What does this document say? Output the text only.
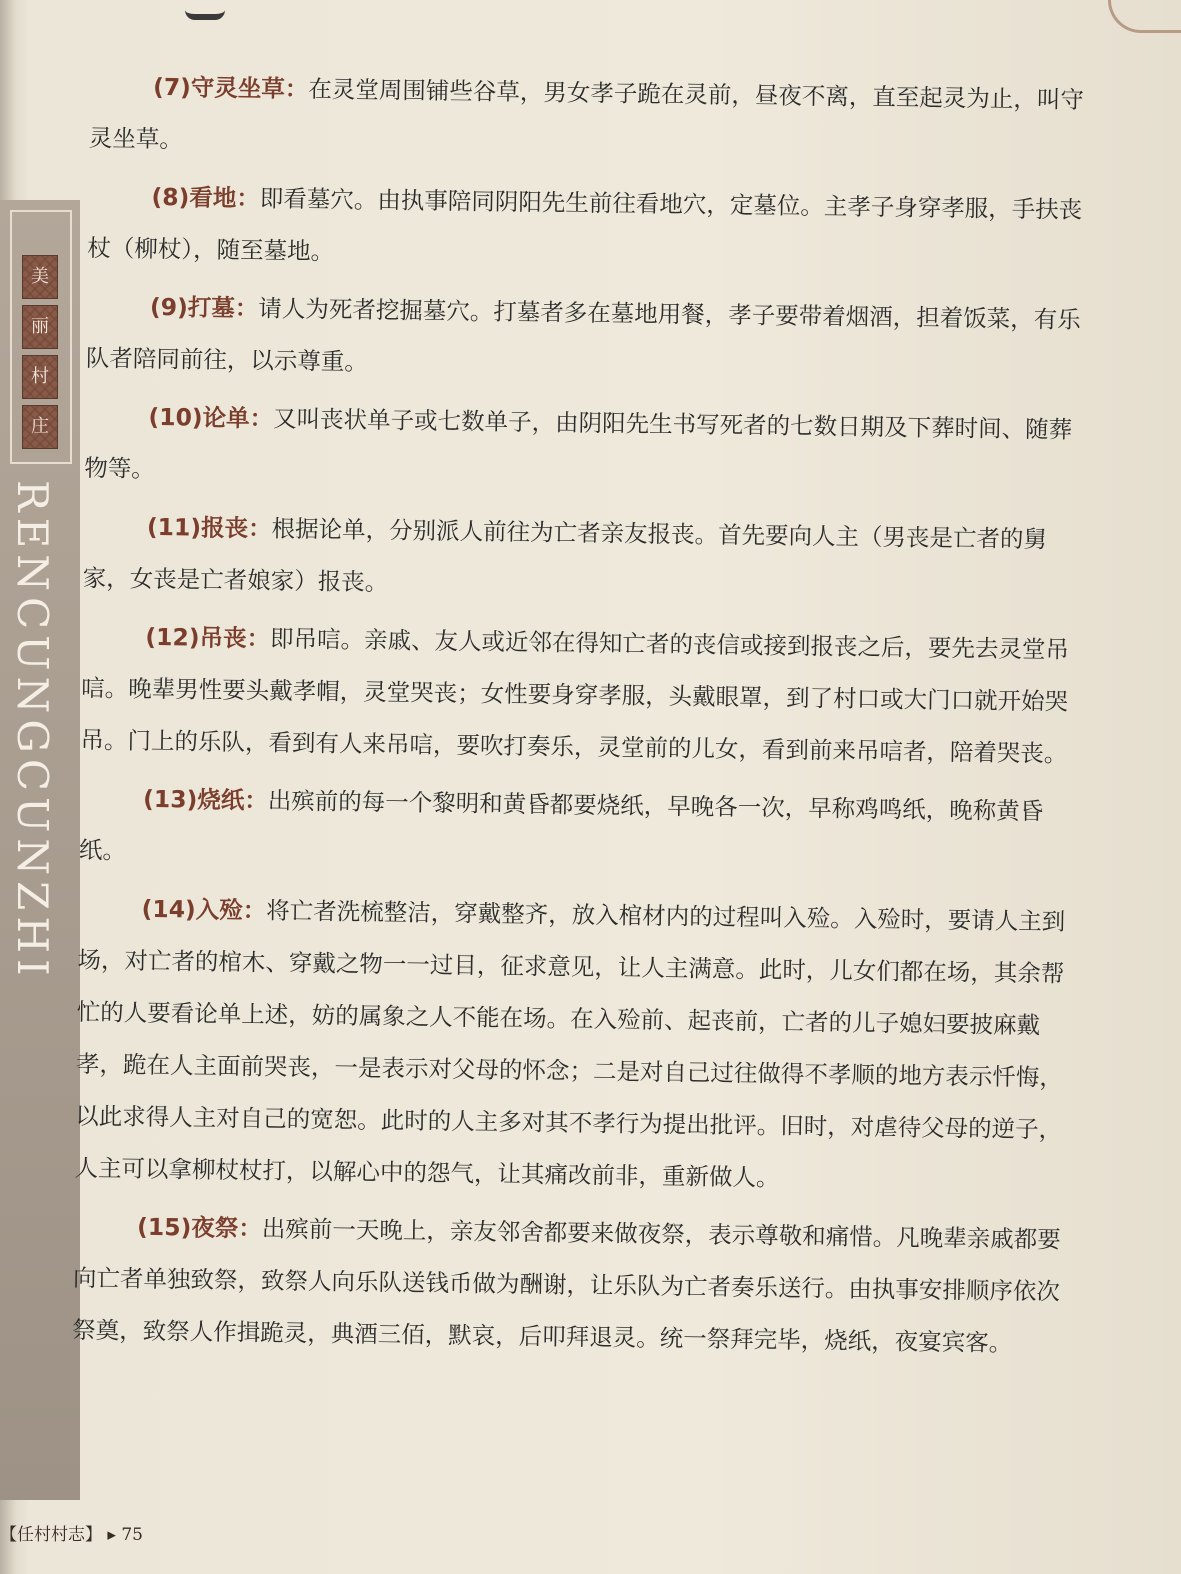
美
丽
村
庄
RENCUNGCUNZHI

(7)守灵坐草：在灵堂周围铺些谷草，男女孝子跪在灵前，昼夜不离，直至起灵为止，叫守灵坐草。

(8)看地：即看墓穴。由执事陪同阴阳先生前往看地穴，定墓位。主孝子身穿孝服，手扶丧杖（柳杖），随至墓地。

(9)打墓：请人为死者挖掘墓穴。打墓者多在墓地用餐，孝子要带着烟酒，担着饭菜，有乐队者陪同前往，以示尊重。

(10)论单：又叫丧状单子或七数单子，由阴阳先生书写死者的七数日期及下葬时间、随葬物等。

(11)报丧：根据论单，分别派人前往为亡者亲友报丧。首先要向人主（男丧是亡者的舅家，女丧是亡者娘家）报丧。

(12)吊丧：即吊唁。亲戚、友人或近邻在得知亡者的丧信或接到报丧之后，要先去灵堂吊唁。晚辈男性要头戴孝帽，灵堂哭丧；女性要身穿孝服，头戴眼罩，到了村口或大门口就开始哭吊。门上的乐队，看到有人来吊唁，要吹打奏乐，灵堂前的儿女，看到前来吊唁者，陪着哭丧。

(13)烧纸：出殡前的每一个黎明和黄昏都要烧纸，早晚各一次，早称鸡鸣纸，晚称黄昏纸。

(14)入殓：将亡者洗梳整洁，穿戴整齐，放入棺材内的过程叫入殓。入殓时，要请人主到场，对亡者的棺木、穿戴之物一一过目，征求意见，让人主满意。此时，儿女们都在场，其余帮忙的人要看论单上述，妨的属象之人不能在场。在入殓前、起丧前，亡者的儿子媳妇要披麻戴孝，跪在人主面前哭丧，一是表示对父母的怀念；二是对自己过往做得不孝顺的地方表示忏悔，以此求得人主对自己的宽恕。此时的人主多对其不孝行为提出批评。旧时，对虐待父母的逆子，人主可以拿柳杖杖打，以解心中的怨气，让其痛改前非，重新做人。

(15)夜祭：出殡前一天晚上，亲友邻舍都要来做夜祭，表示尊敬和痛惜。凡晚辈亲戚都要向亡者单独致祭，致祭人向乐队送钱币做为酬谢，让乐队为亡者奏乐送行。由执事安排顺序依次祭奠，致祭人作揖跪灵，典酒三佰，默哀，后叩拜退灵。统一祭拜完毕，烧纸，夜宴宾客。

【任村村志】 ▸ 75
